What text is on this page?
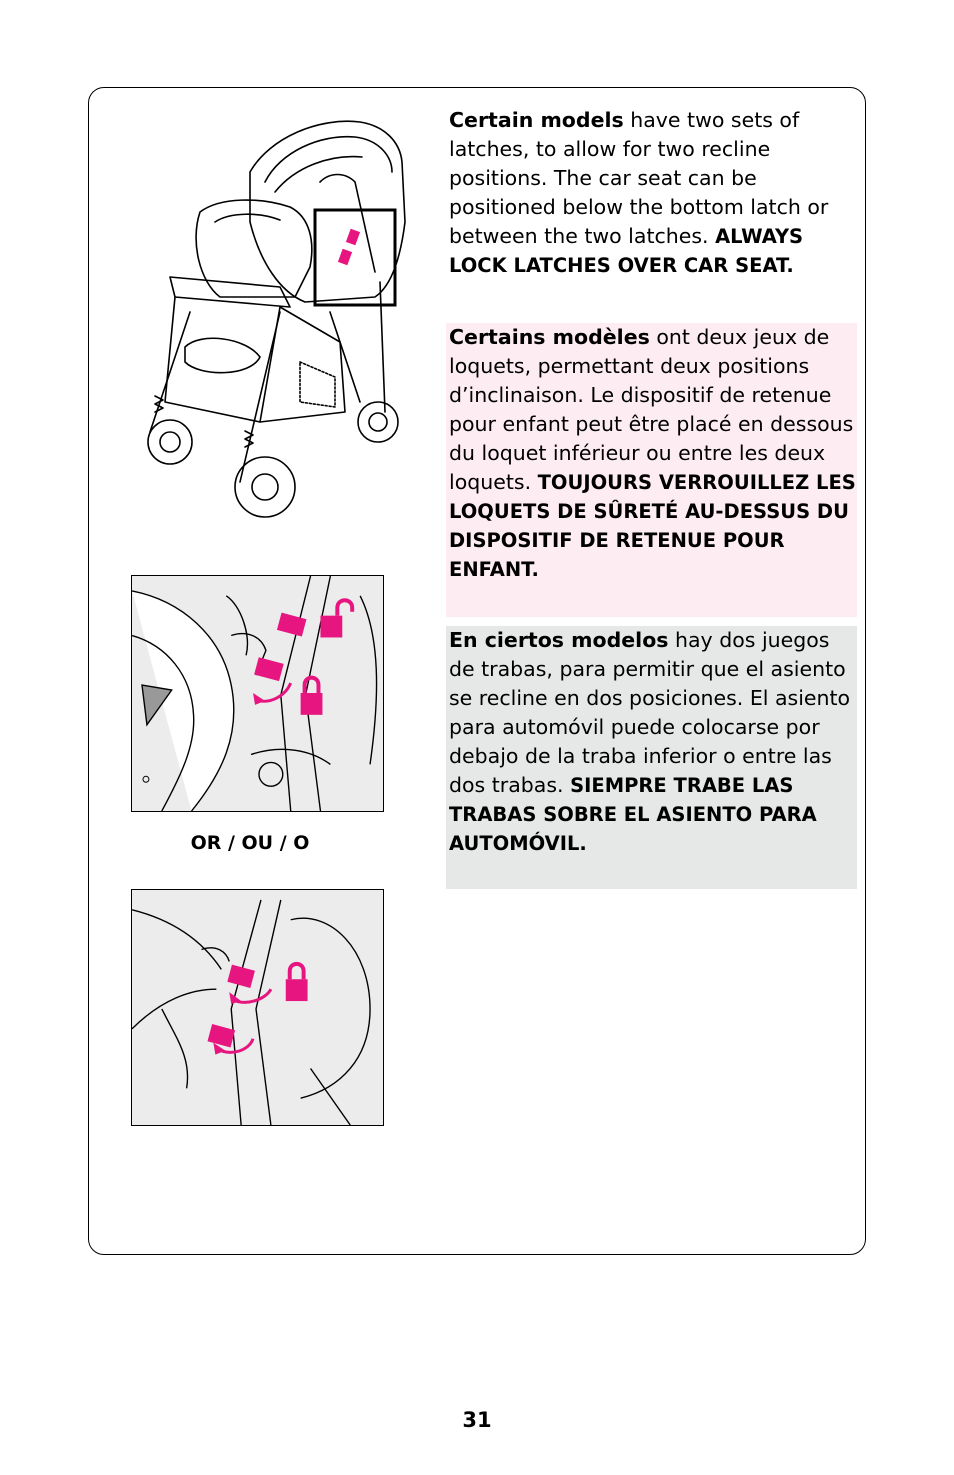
OR / OU / O

Certain models have two sets of latches, to allow for two recline positions. The car seat can be positioned below the bottom latch or between the two latches. ALWAYS LOCK LATCHES OVER CAR SEAT.

Certains modèles ont deux jeux de loquets, permettant deux positions d’inclinaison. Le dispositif de retenue pour enfant peut être placé en dessous du loquet inférieur ou entre les deux loquets. TOUJOURS VERROUILLEZ LES LOQUETS DE SÛRETÉ AU-DESSUS DU DISPOSITIF DE RETENUE POUR ENFANT.

En ciertos modelos hay dos juegos de trabas, para permitir que el asiento se recline en dos posiciones. El asiento para automóvil puede colocarse por debajo de la traba inferior o entre las dos trabas. SIEMPRE TRABE LAS TRABAS SOBRE EL ASIENTO PARA AUTOMÓVIL.

31
